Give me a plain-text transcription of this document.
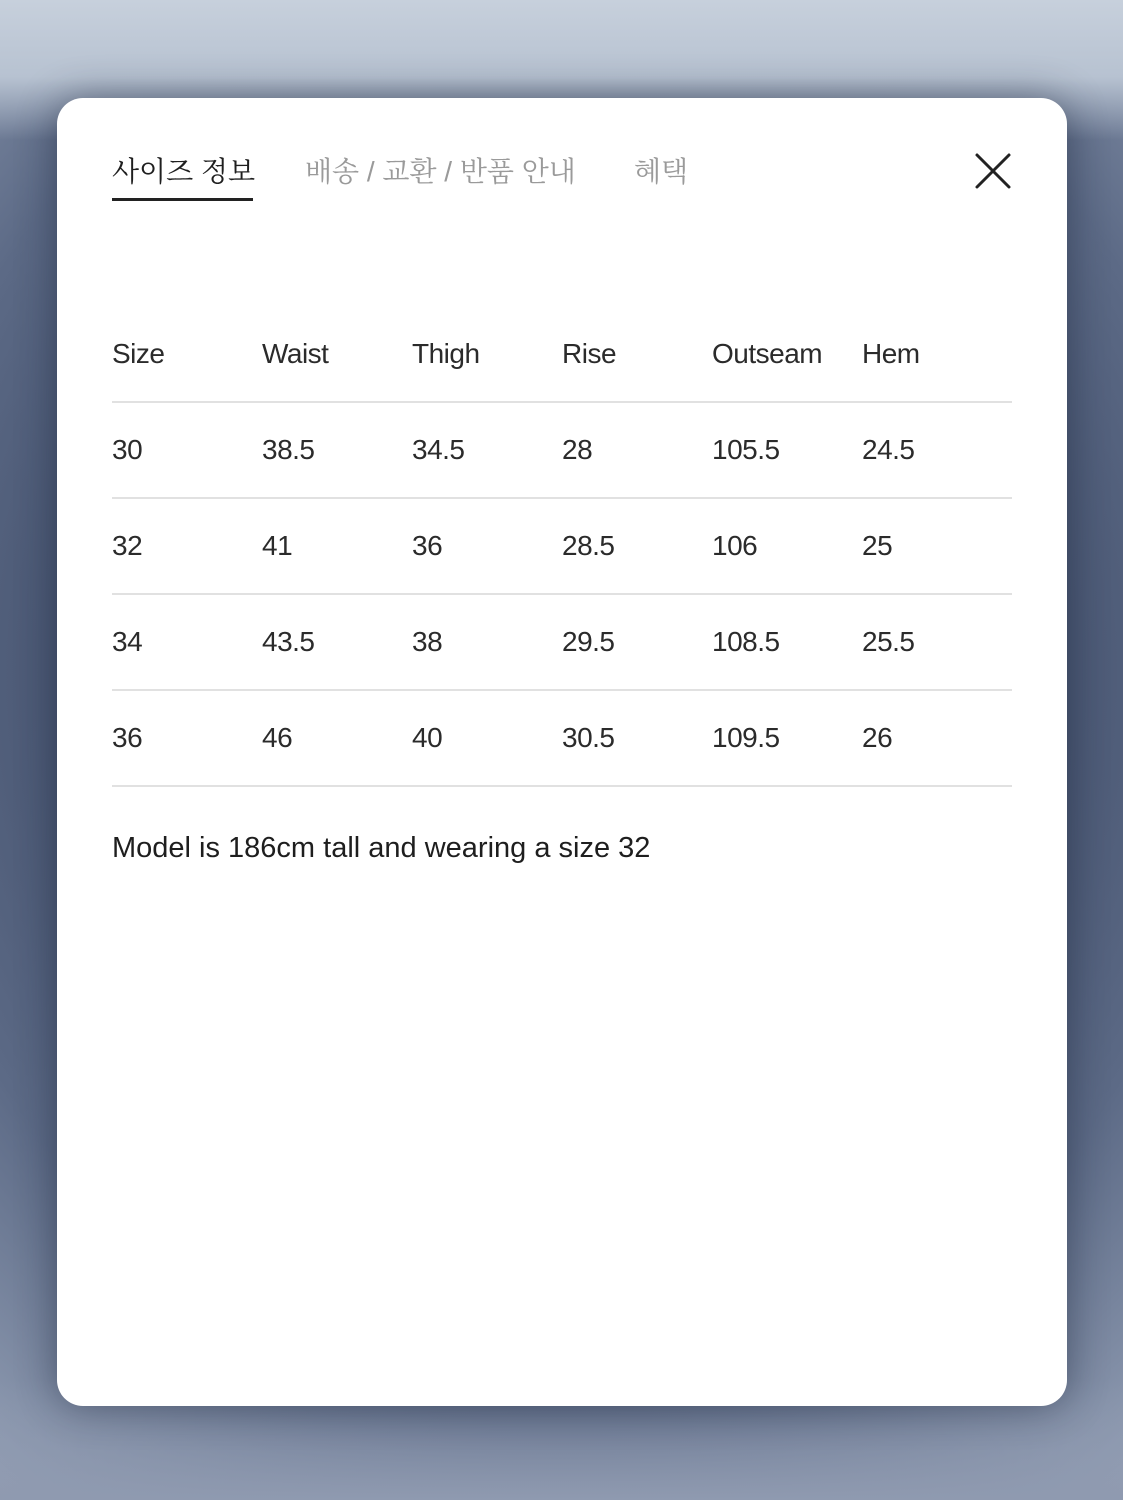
사이즈 정보 배송 / 교환 / 반품 안내 혜택
Size	Waist	Thigh	Rise	Outseam Hem
30	38.5	34.5	28	105.5	24.5
32	41	36	28.5	106	25
34	43.5	38	29.5	108.5	25.5
36	46	40	30.5	109.5	26
Model is 186cm tall and wearing a size 32
